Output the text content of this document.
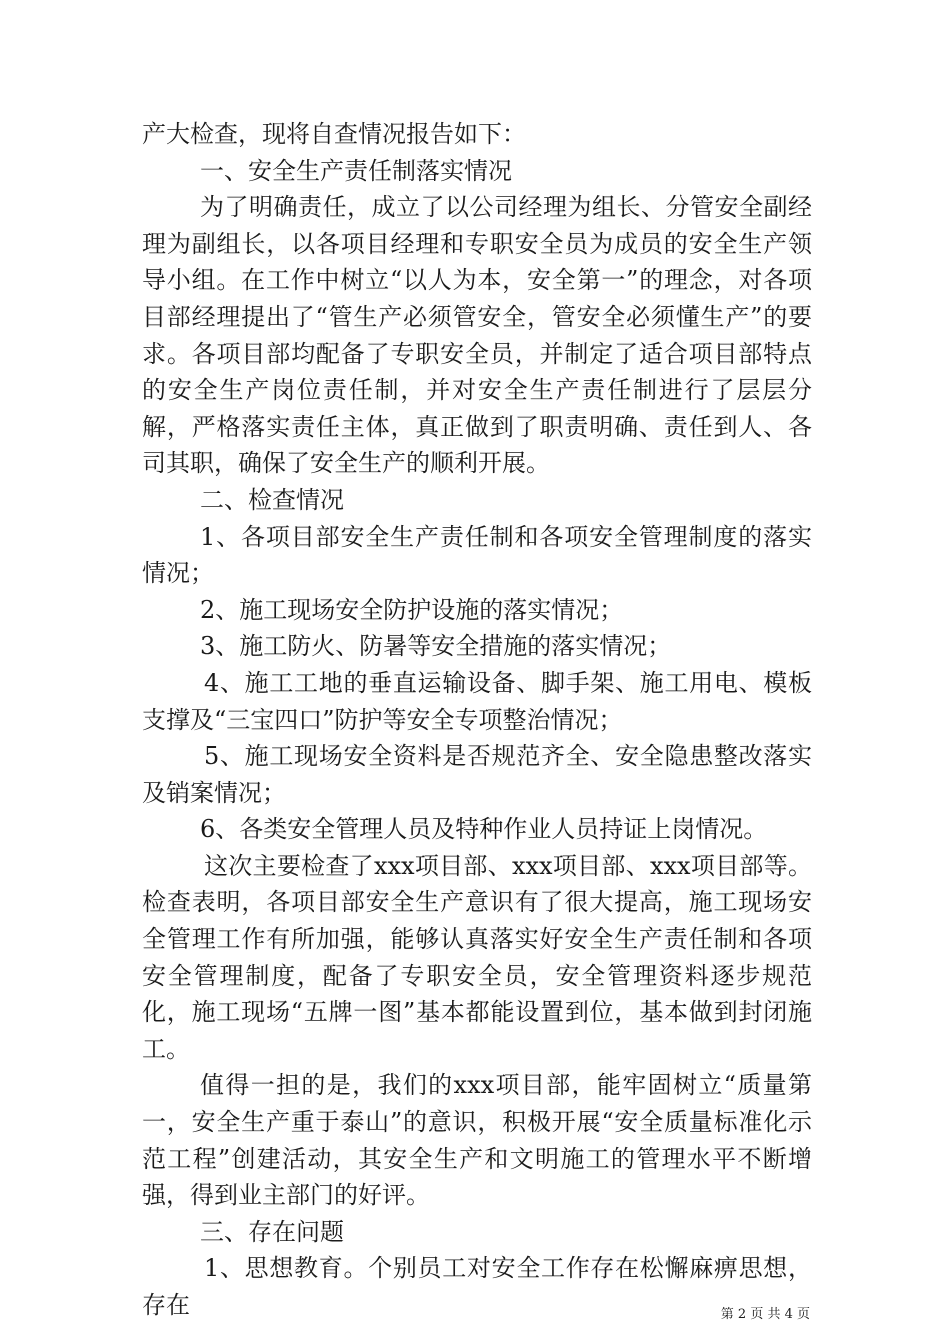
产大检查，现将自查情况报告如下：

一、安全生产责任制落实情况

为了明确责任，成立了以公司经理为组长、分管安全副经理为副组长，以各项目经理和专职安全员为成员的安全生产领导小组。在工作中树立“以人为本，安全第一”的理念，对各项目部经理提出了“管生产必须管安全，管安全必须懂生产”的要求。各项目部均配备了专职安全员，并制定了适合项目部特点的安全生产岗位责任制，并对安全生产责任制进行了层层分解，严格落实责任主体，真正做到了职责明确、责任到人、各司其职，确保了安全生产的顺利开展。

二、检查情况

1、各项目部安全生产责任制和各项安全管理制度的落实情况；

2、施工现场安全防护设施的落实情况；

3、施工防火、防暑等安全措施的落实情况；

4、施工工地的垂直运输设备、脚手架、施工用电、模板支撑及“三宝四口”防护等安全专项整治情况；

5、施工现场安全资料是否规范齐全、安全隐患整改落实及销案情况；

6、各类安全管理人员及特种作业人员持证上岗情况。

这次主要检查了xxx项目部、xxx项目部、xxx项目部等。检查表明，各项目部安全生产意识有了很大提高，施工现场安全管理工作有所加强，能够认真落实好安全生产责任制和各项安全管理制度，配备了专职安全员，安全管理资料逐步规范化，施工现场“五牌一图”基本都能设置到位，基本做到封闭施工。

值得一担的是，我们的xxx项目部，能牢固树立“质量第一，安全生产重于泰山”的意识，积极开展“安全质量标准化示范工程”创建活动，其安全生产和文明施工的管理水平不断增强，得到业主部门的好评。

三、存在问题

1、思想教育。个别员工对安全工作存在松懈麻痹思想，存在	第 2 页 共 4 页
